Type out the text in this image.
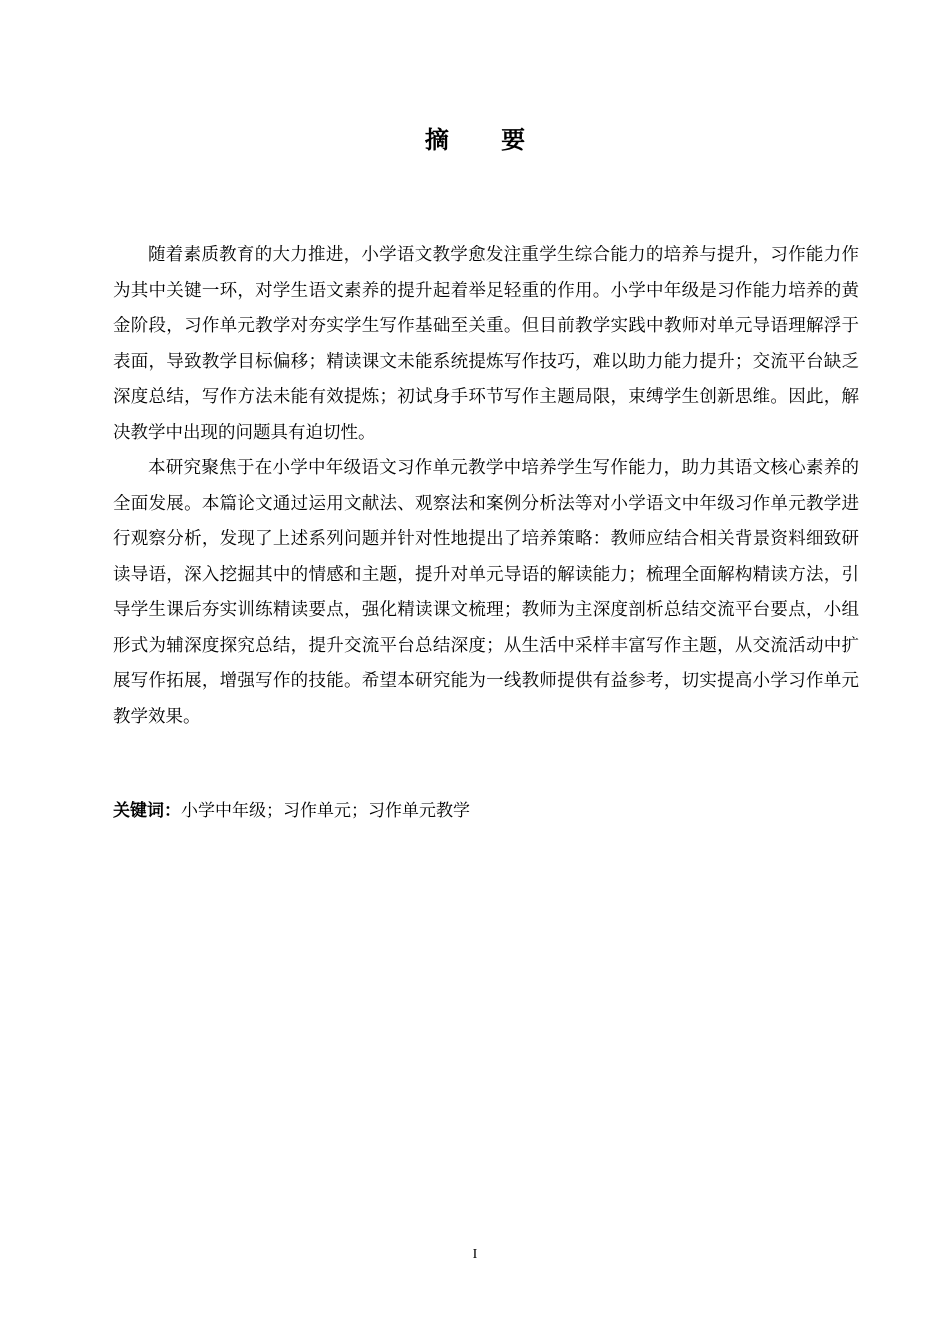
摘 要

随着素质教育的大力推进，小学语文教学愈发注重学生综合能力的培养与提升，习作能力作为其中关键一环，对学生语文素养的提升起着举足轻重的作用。小学中年级是习作能力培养的黄金阶段，习作单元教学对夯实学生写作基础至关重。但目前教学实践中教师对单元导语理解浮于表面，导致教学目标偏移；精读课文未能系统提炼写作技巧，难以助力能力提升；交流平台缺乏深度总结，写作方法未能有效提炼；初试身手环节写作主题局限，束缚学生创新思维。因此，解决教学中出现的问题具有迫切性。

本研究聚焦于在小学中年级语文习作单元教学中培养学生写作能力，助力其语文核心素养的全面发展。本篇论文通过运用文献法、观察法和案例分析法等对小学语文中年级习作单元教学进行观察分析，发现了上述系列问题并针对性地提出了培养策略：教师应结合相关背景资料细致研读导语，深入挖掘其中的情感和主题，提升对单元导语的解读能力；梳理全面解构精读方法，引导学生课后夯实训练精读要点，强化精读课文梳理；教师为主深度剖析总结交流平台要点，小组形式为辅深度探究总结，提升交流平台总结深度；从生活中采样丰富写作主题，从交流活动中扩展写作拓展，增强写作的技能。希望本研究能为一线教师提供有益参考，切实提高小学习作单元教学效果。

关键词：小学中年级；习作单元；习作单元教学
I
